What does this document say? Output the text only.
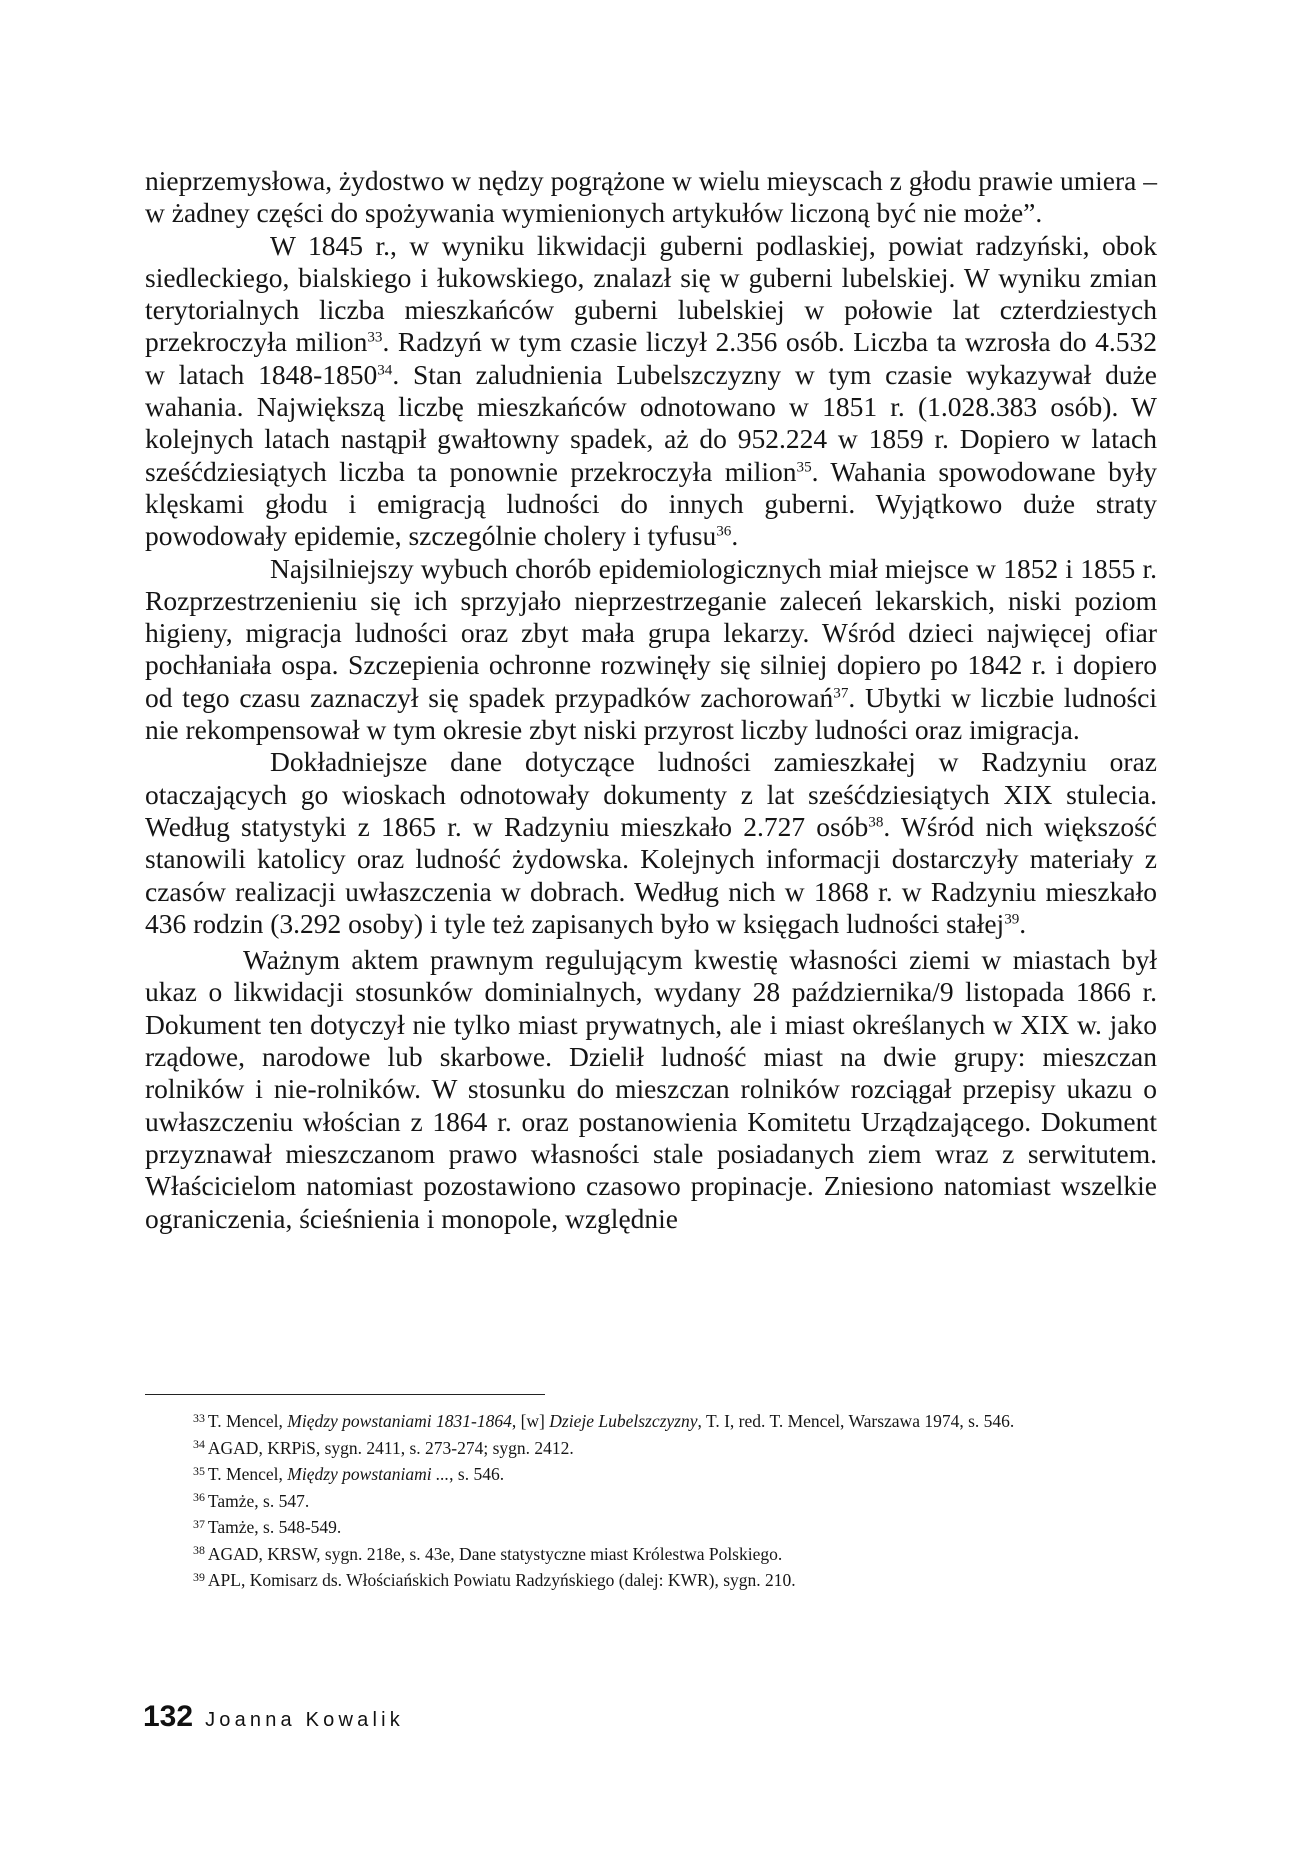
nieprzemysłowa, żydostwo w nędzy pogrążone w wielu mieyscach z głodu prawie umiera – w żadney części do spożywania wymienionych artykułów liczoną być nie może”.

W 1845 r., w wyniku likwidacji guberni podlaskiej, powiat radzyński, obok siedleckiego, bialskiego i łukowskiego, znalazł się w guberni lubelskiej. W wyniku zmian terytorialnych liczba mieszkańców guberni lubelskiej w połowie lat czterdziestych przekroczyła milion$^{33}$. Radzyń w tym czasie liczył 2.356 osób. Liczba ta wzrosła do 4.532 w latach 1848-1850$^{34}$. Stan zaludnienia Lubelszczyzny w tym czasie wykazywał duże wahania. Największą liczbę mieszkańców odnotowano w 1851 r. (1.028.383 osób). W kolejnych latach nastąpił gwałtowny spadek, aż do 952.224 w 1859 r. Dopiero w latach sześćdziesiątych liczba ta ponownie przekroczyła milion$^{35}$. Wahania spowodowane były klęskami głodu i emigracją ludności do innych guberni. Wyjątkowo duże straty powodowały epidemie, szczególnie cholery i tyfusu$^{36}$.

Najsilniejszy wybuch chorób epidemiologicznych miał miejsce w 1852 i 1855 r. Rozprzestrzenieniu się ich sprzyjało nieprzestrzeganie zaleceń lekarskich, niski poziom higieny, migracja ludności oraz zbyt mała grupa lekarzy. Wśród dzieci najwięcej ofiar pochłaniała ospa. Szczepienia ochronne rozwinęły się silniej dopiero po 1842 r. i dopiero od tego czasu zaznaczył się spadek przypadków zachorowań$^{37}$. Ubytki w liczbie ludności nie rekompensował w tym okresie zbyt niski przyrost liczby ludności oraz imigracja.

Dokładniejsze dane dotyczące ludności zamieszkałej w Radzyniu oraz otaczających go wioskach odnotowały dokumenty z lat sześćdziesiątych XIX stulecia. Według statystyki z 1865 r. w Radzyniu mieszkało 2.727 osób$^{38}$. Wśród nich większość stanowili katolicy oraz ludność żydowska. Kolejnych informacji dostarczyły materiały z czasów realizacji uwłaszczenia w dobrach. Według nich w 1868 r. w Radzyniu mieszkało 436 rodzin (3.292 osoby) i tyle też zapisanych było w księgach ludności stałej$^{39}$.

Ważnym aktem prawnym regulującym kwestię własności ziemi w miastach był ukaz o likwidacji stosunków dominialnych, wydany 28 października/9 listopada 1866 r. Dokument ten dotyczył nie tylko miast prywatnych, ale i miast określanych w XIX w. jako rządowe, narodowe lub skarbowe. Dzielił ludność miast na dwie grupy: mieszczan rolników i nie-rolników. W stosunku do mieszczan rolników rozciągał przepisy ukazu o uwłaszczeniu włościan z 1864 r. oraz postanowienia Komitetu Urządzającego. Dokument przyznawał mieszczanom prawo własności stale posiadanych ziem wraz z serwitutem. Właścicielom natomiast pozostawiono czasowo propinacje. Zniesiono natomiast wszelkie ograniczenia, ścieśnienia i monopole, względnie

$^{33}$ T. Mencel, Między powstaniami 1831-1864, [w] Dzieje Lubelszczyzny, T. I, red. T. Mencel, Warszawa 1974, s. 546.

$^{34}$ AGAD, KRPiS, sygn. 2411, s. 273-274; sygn. 2412.

$^{35}$ T. Mencel, Między powstaniami ..., s. 546.

$^{36}$ Tamże, s. 547.

$^{37}$ Tamże, s. 548-549.

$^{38}$ AGAD, KRSW, sygn. 218e, s. 43e, Dane statystyczne miast Królestwa Polskiego.

$^{39}$ APL, Komisarz ds. Włościańskich Powiatu Radzyńskiego (dalej: KWR), sygn. 210.

132 Joanna Kowalik
